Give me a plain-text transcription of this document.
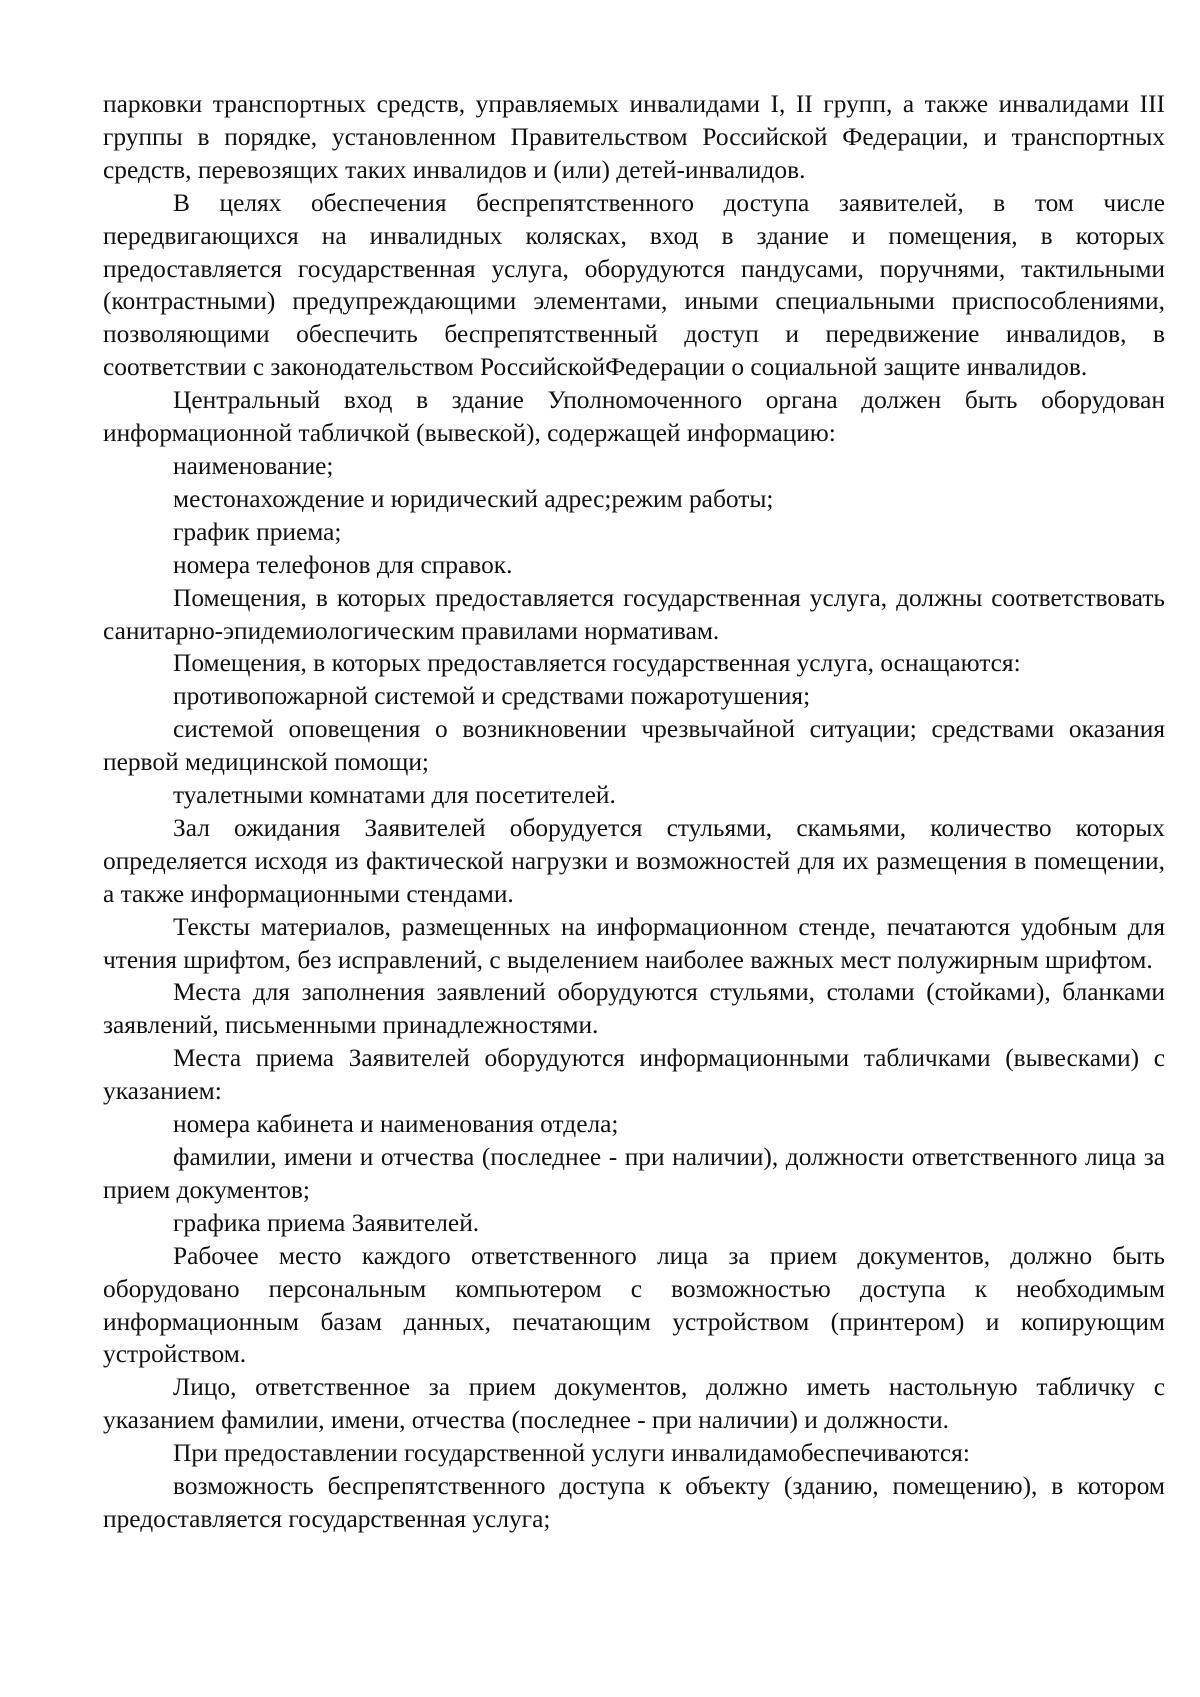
парковки транспортных средств, управляемых инвалидами I, II групп, а также инвалидами III группы в порядке, установленном Правительством Российской Федерации, и транспортных средств, перевозящих таких инвалидов и (или) детей-инвалидов.

В целях обеспечения беспрепятственного доступа заявителей, в том числе передвигающихся на инвалидных колясках, вход в здание и помещения, в которых предоставляется государственная услуга, оборудуются пандусами, поручнями, тактильными (контрастными) предупреждающими элементами, иными специальными приспособлениями, позволяющими обеспечить беспрепятственный доступ и передвижение инвалидов, в соответствии с законодательством РоссийскойФедерации о социальной защите инвалидов.

Центральный вход в здание Уполномоченного органа должен быть оборудован информационной табличкой (вывеской), содержащей информацию:

наименование;

местонахождение и юридический адрес;режим работы;

график приема;

номера телефонов для справок.

Помещения, в которых предоставляется государственная услуга, должны соответствовать санитарно-эпидемиологическим правилами нормативам.

Помещения, в которых предоставляется государственная услуга, оснащаются:

противопожарной системой и средствами пожаротушения;

системой оповещения о возникновении чрезвычайной ситуации; средствами оказания первой медицинской помощи;

туалетными комнатами для посетителей.

Зал ожидания Заявителей оборудуется стульями, скамьями, количество которых определяется исходя из фактической нагрузки и возможностей для их размещения в помещении, а также информационными стендами.

Тексты материалов, размещенных на информационном стенде, печатаются удобным для чтения шрифтом, без исправлений, с выделением наиболее важных мест полужирным шрифтом.

Места для заполнения заявлений оборудуются стульями, столами (стойками), бланками заявлений, письменными принадлежностями.

Места приема Заявителей оборудуются информационными табличками (вывесками) с указанием:

номера кабинета и наименования отдела;

фамилии, имени и отчества (последнее - при наличии), должности ответственного лица за прием документов;

графика приема Заявителей.

Рабочее место каждого ответственного лица за прием документов, должно быть оборудовано персональным компьютером с возможностью доступа к необходимым информационным базам данных, печатающим устройством (принтером) и копирующим устройством.

Лицо, ответственное за прием документов, должно иметь настольную табличку с указанием фамилии, имени, отчества (последнее - при наличии) и должности.

При предоставлении государственной услуги инвалидамобеспечиваются:

возможность беспрепятственного доступа к объекту (зданию, помещению), в котором предоставляется государственная услуга;
